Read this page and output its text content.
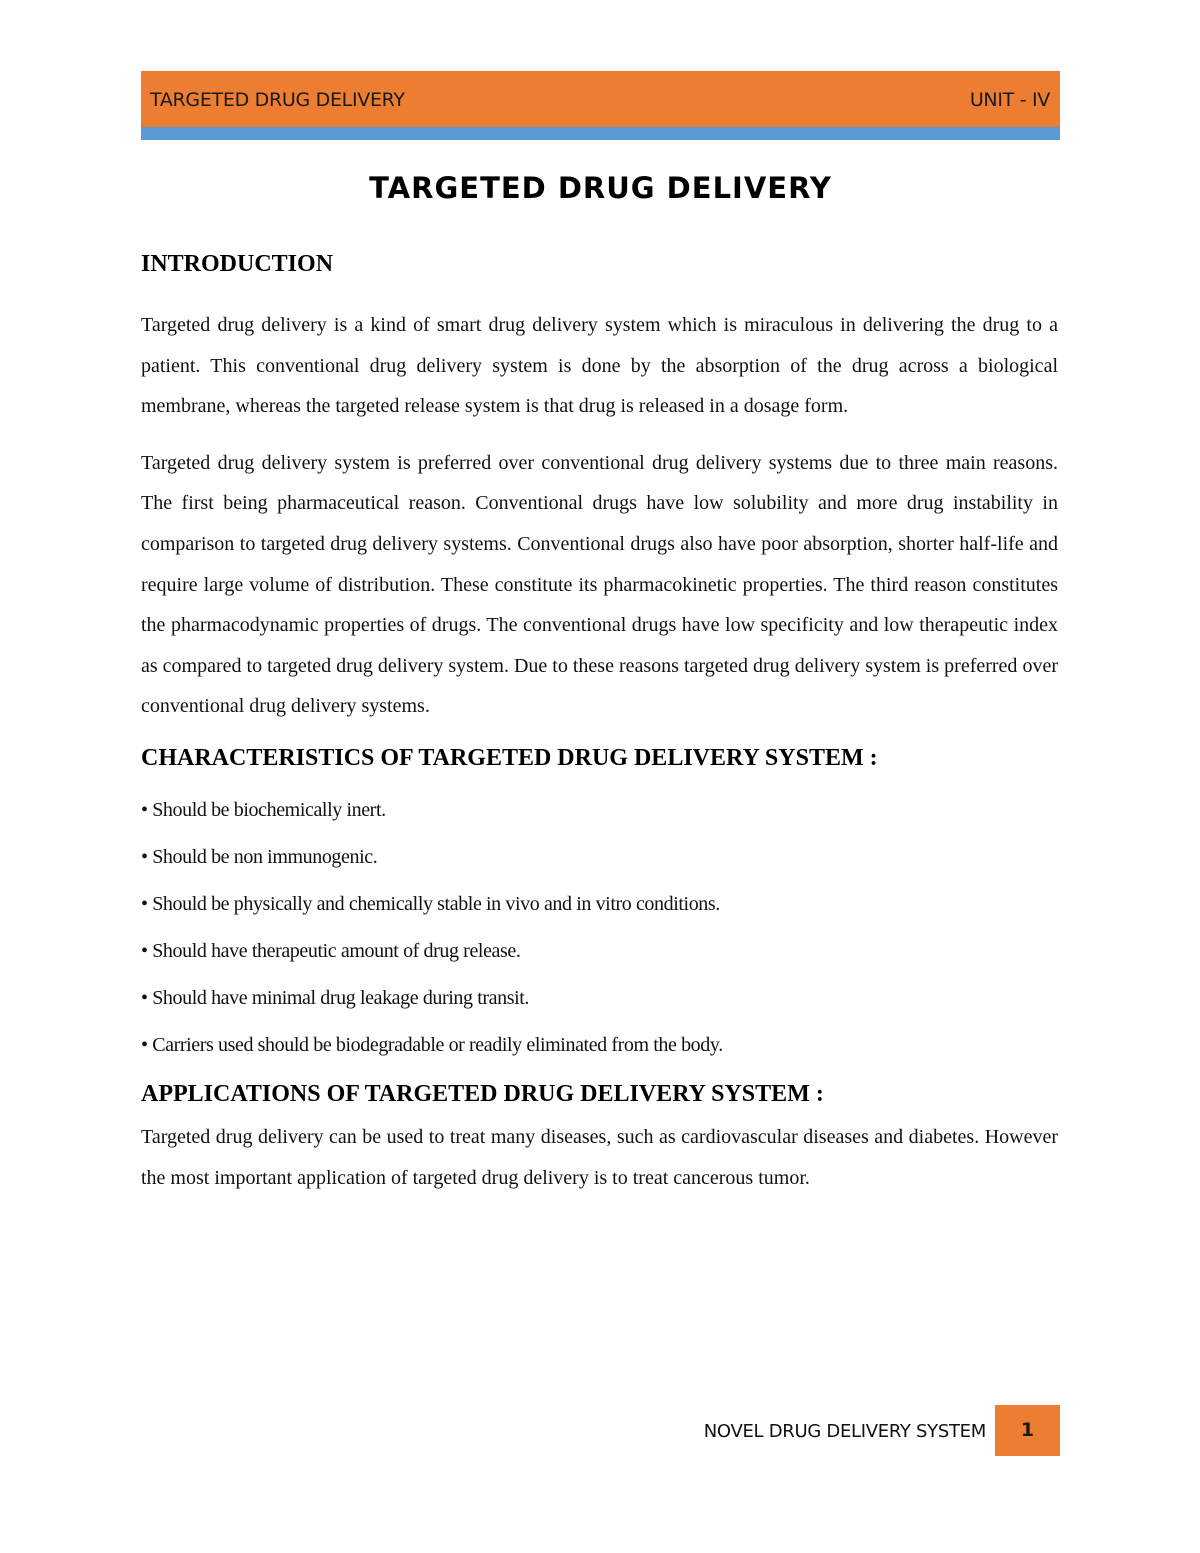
TARGETED DRUG DELIVERY	UNIT - IV
TARGETED DRUG DELIVERY
INTRODUCTION

Targeted drug delivery is a kind of smart drug delivery system which is miraculous in delivering the drug to a patient. This conventional drug delivery system is done by the absorption of the drug across a biological membrane, whereas the targeted release system is that drug is released in a dosage form.

Targeted drug delivery system is preferred over conventional drug delivery systems due to three main reasons. The first being pharmaceutical reason. Conventional drugs have low solubility and more drug instability in comparison to targeted drug delivery systems. Conventional drugs also have poor absorption, shorter half-life and require large volume of distribution. These constitute its pharmacokinetic properties. The third reason constitutes the pharmacodynamic properties of drugs. The conventional drugs have low specificity and low therapeutic index as compared to targeted drug delivery system. Due to these reasons targeted drug delivery system is preferred over conventional drug delivery systems.

CHARACTERISTICS OF TARGETED DRUG DELIVERY SYSTEM :
• Should be biochemically inert.
• Should be non immunogenic.
• Should be physically and chemically stable in vivo and in vitro conditions.
• Should have therapeutic amount of drug release.
• Should have minimal drug leakage during transit.
• Carriers used should be biodegradable or readily eliminated from the body.
APPLICATIONS OF TARGETED DRUG DELIVERY SYSTEM :

Targeted drug delivery can be used to treat many diseases, such as cardiovascular diseases and diabetes. However the most important application of targeted drug delivery is to treat cancerous tumor.

NOVEL DRUG DELIVERY SYSTEM	1
